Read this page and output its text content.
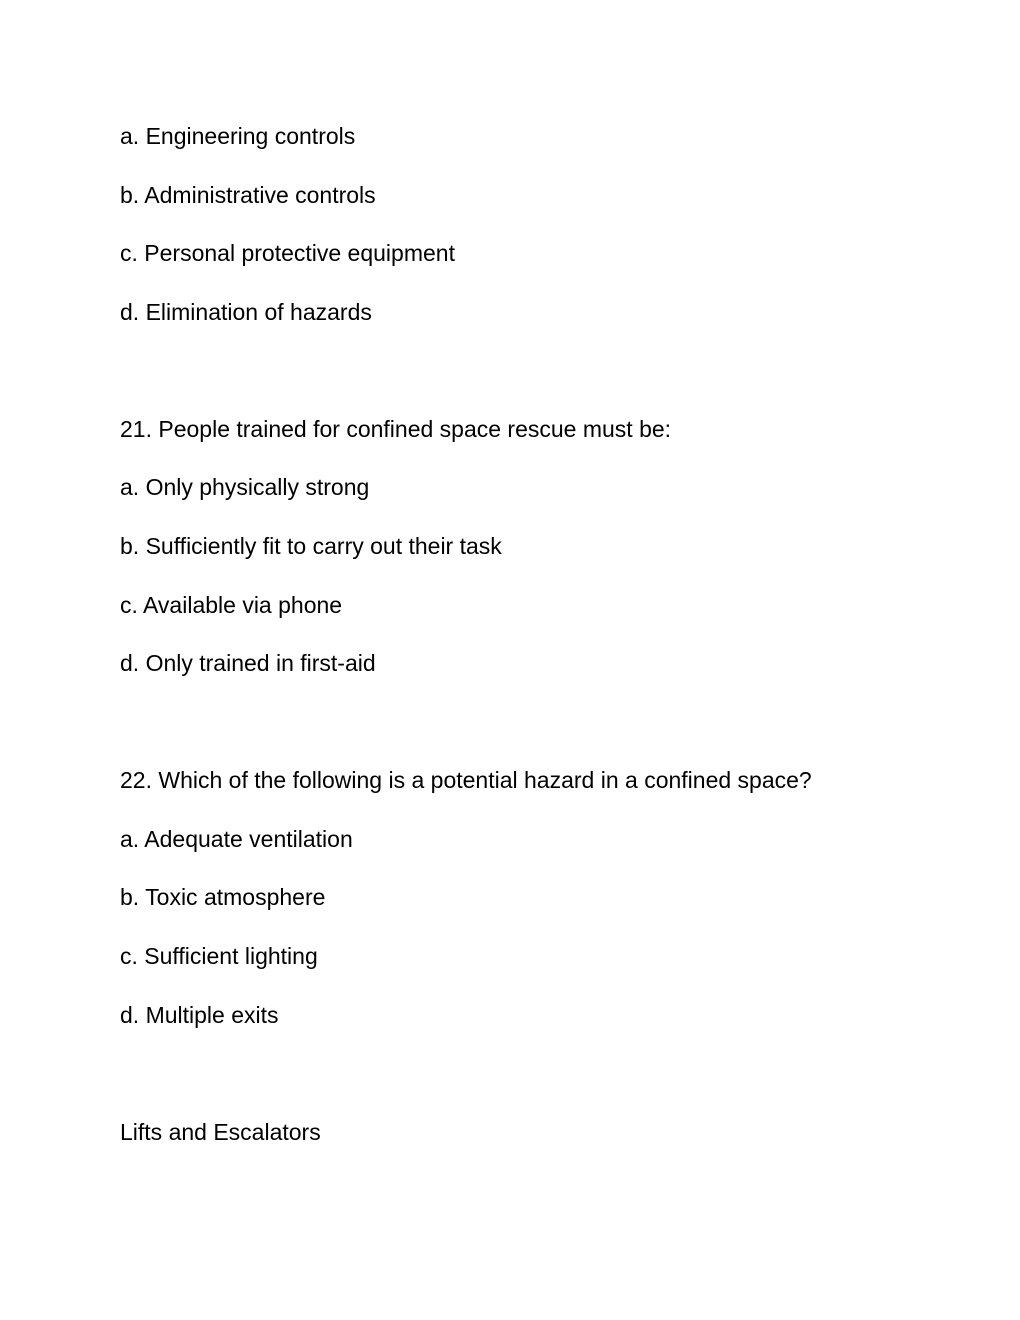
a. Engineering controls

b. Administrative controls

c. Personal protective equipment

d. Elimination of hazards

21. People trained for confined space rescue must be:

a. Only physically strong

b. Sufficiently fit to carry out their task

c. Available via phone

d. Only trained in first-aid

22. Which of the following is a potential hazard in a confined space?

a. Adequate ventilation

b. Toxic atmosphere

c. Sufficient lighting

d. Multiple exits

Lifts and Escalators
